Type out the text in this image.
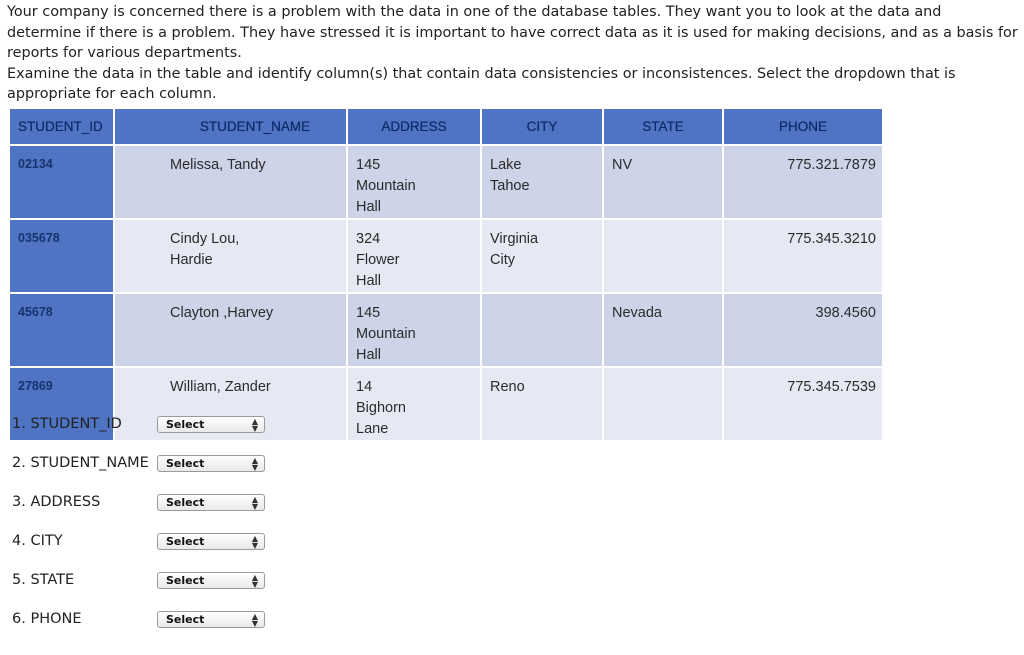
Your company is concerned there is a problem with the data in one of the database tables. They want you to look at the data and determine if there is a problem. They have stressed it is important to have correct data as it is used for making decisions, and as a basis for reports for various departments.

Examine the data in the table and identify column(s) that contain data consistencies or inconsistences. Select the dropdown that is appropriate for each column.

STUDENT_ID	STUDENT_NAME	ADDRESS	CITY	STATE	PHONE
02134	Melissa, Tandy	145
Mountain
Hall	Lake
Tahoe	NV	775.321.7879
035678	Cindy Lou,
Hardie	324
Flower
Hall	Virginia
City		775.345.3210
45678	Clayton ,Harvey	145
Mountain
Hall		Nevada	398.4560
27869	William, Zander	14
Bighorn
Lane	Reno		775.345.7539
1. STUDENT_ID	Select	▲
▼
2. STUDENT_NAME	Select	▲
▼
3. ADDRESS	Select	▲
▼
4. CITY	Select	▲
▼
5. STATE	Select	▲
▼
6. PHONE	Select	▲
▼
